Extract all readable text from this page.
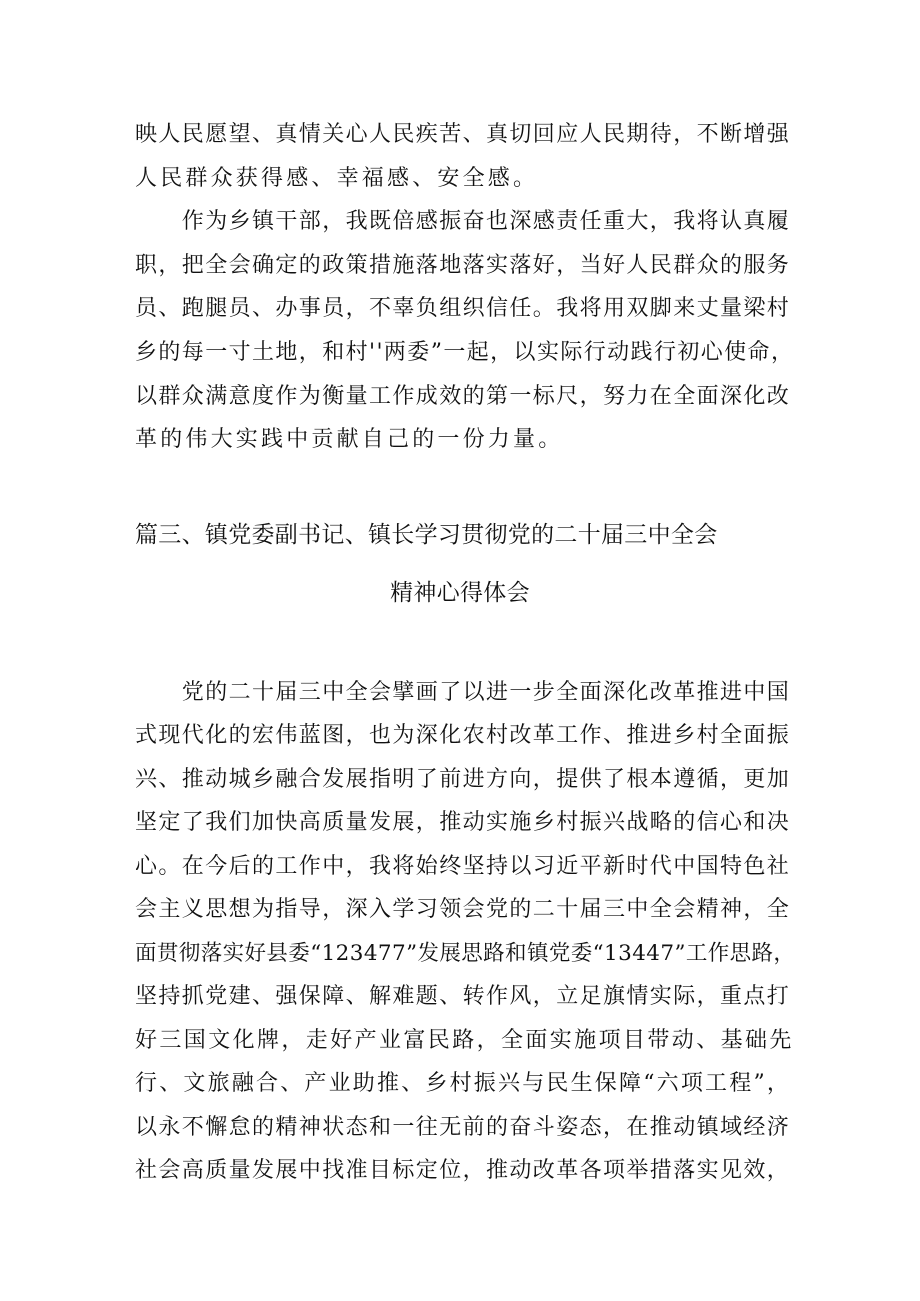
映人民愿望、真情关心人民疾苦、真切回应人民期待，不断增强
人民群众获得感、幸福感、安全感。
　　作为乡镇干部，我既倍感振奋也深感责任重大，我将认真履
职，把全会确定的政策措施落地落实落好，当好人民群众的服务
员、跑腿员、办事员，不辜负组织信任。我将用双脚来丈量梁村
乡的每一寸土地，和村''两委”一起，以实际行动践行初心使命，
以群众满意度作为衡量工作成效的第一标尺，努力在全面深化改
革的伟大实践中贡献自己的一份力量。
篇三、镇党委副书记、镇长学习贯彻党的二十届三中全会
精神心得体会
　　党的二十届三中全会擘画了以进一步全面深化改革推进中国
式现代化的宏伟蓝图，也为深化农村改革工作、推进乡村全面振
兴、推动城乡融合发展指明了前进方向，提供了根本遵循，更加
坚定了我们加快高质量发展，推动实施乡村振兴战略的信心和决
心。在今后的工作中，我将始终坚持以习近平新时代中国特色社
会主义思想为指导，深入学习领会党的二十届三中全会精神，全
面贯彻落实好县委“123477”发展思路和镇党委“13447”工作思路，
坚持抓党建、强保障、解难题、转作风，立足旗情实际，重点打
好三国文化牌，走好产业富民路，全面实施项目带动、基础先
行、文旅融合、产业助推、乡村振兴与民生保障“六项工程”，
以永不懈怠的精神状态和一往无前的奋斗姿态，在推动镇域经济
社会高质量发展中找准目标定位，推动改革各项举措落实见效，
